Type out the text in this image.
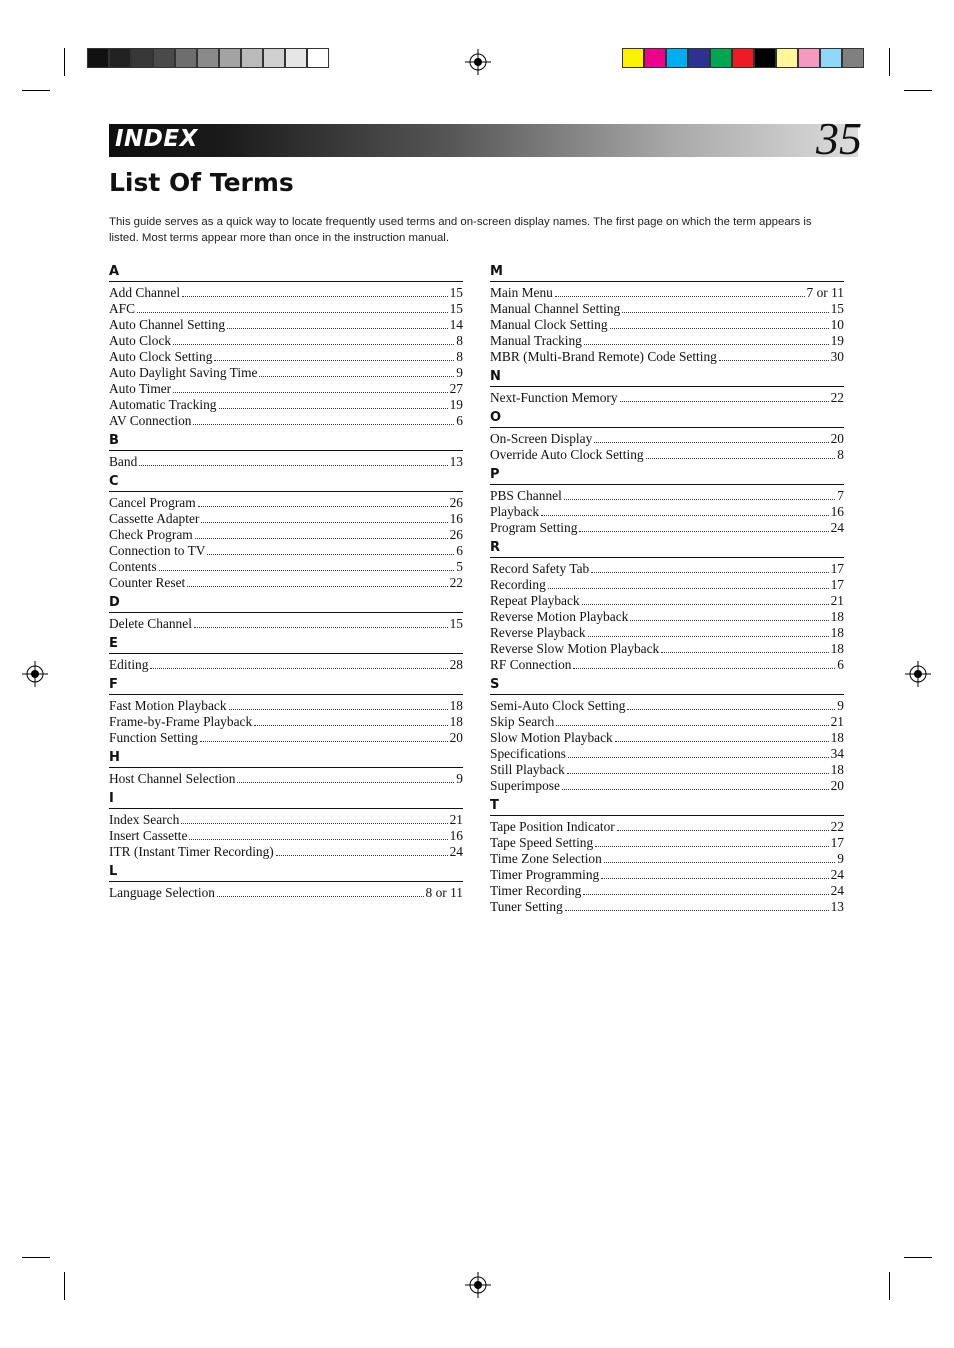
INDEX	35
List Of Terms
This guide serves as a quick way to locate frequently used terms and on-screen display names. The first page on which the term appears is listed. Most terms appear more than once in the instruction manual.
A
Add Channel	15
AFC	15
Auto Channel Setting	14
Auto Clock	8
Auto Clock Setting	8
Auto Daylight Saving Time	9
Auto Timer	27
Automatic Tracking	19
AV Connection	6
B
Band	13
C
Cancel Program	26
Cassette Adapter	16
Check Program	26
Connection to TV	6
Contents	5
Counter Reset	22
D
Delete Channel	15
E
Editing	28
F
Fast Motion Playback	18
Frame-by-Frame Playback	18
Function Setting	20
H
Host Channel Selection	9
I
Index Search	21
Insert Cassette	16
ITR (Instant Timer Recording)	24
L
Language Selection	8 or 11
M
Main Menu	7 or 11
Manual Channel Setting	15
Manual Clock Setting	10
Manual Tracking	19
MBR (Multi-Brand Remote) Code Setting	30
N
Next-Function Memory	22
O
On-Screen Display	20
Override Auto Clock Setting	8
P
PBS Channel	7
Playback	16
Program Setting	24
R
Record Safety Tab	17
Recording	17
Repeat Playback	21
Reverse Motion Playback	18
Reverse Playback	18
Reverse Slow Motion Playback	18
RF Connection	6
S
Semi-Auto Clock Setting	9
Skip Search	21
Slow Motion Playback	18
Specifications	34
Still Playback	18
Superimpose	20
T
Tape Position Indicator	22
Tape Speed Setting	17
Time Zone Selection	9
Timer Programming	24
Timer Recording	24
Tuner Setting	13
